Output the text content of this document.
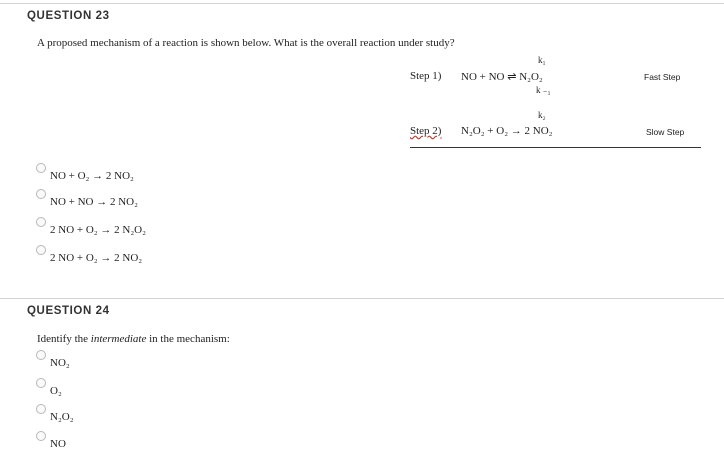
QUESTION 23
A proposed mechanism of a reaction is shown below. What is the overall reaction under study?
k₁
Step 1) NO + NO ⇌ N₂O₂	Fast Step
k ₋₁
k₂
Step 2) N₂O₂ + O₂ → 2 NO₂	Slow Step
NO + O₂ → 2 NO₂
NO + NO → 2 NO₂
2 NO + O₂ → 2 N₂O₂
2 NO + O₂ → 2 NO₂
QUESTION 24
Identify the intermediate in the mechanism:
NO₂
O₂
N₂O₂
NO
